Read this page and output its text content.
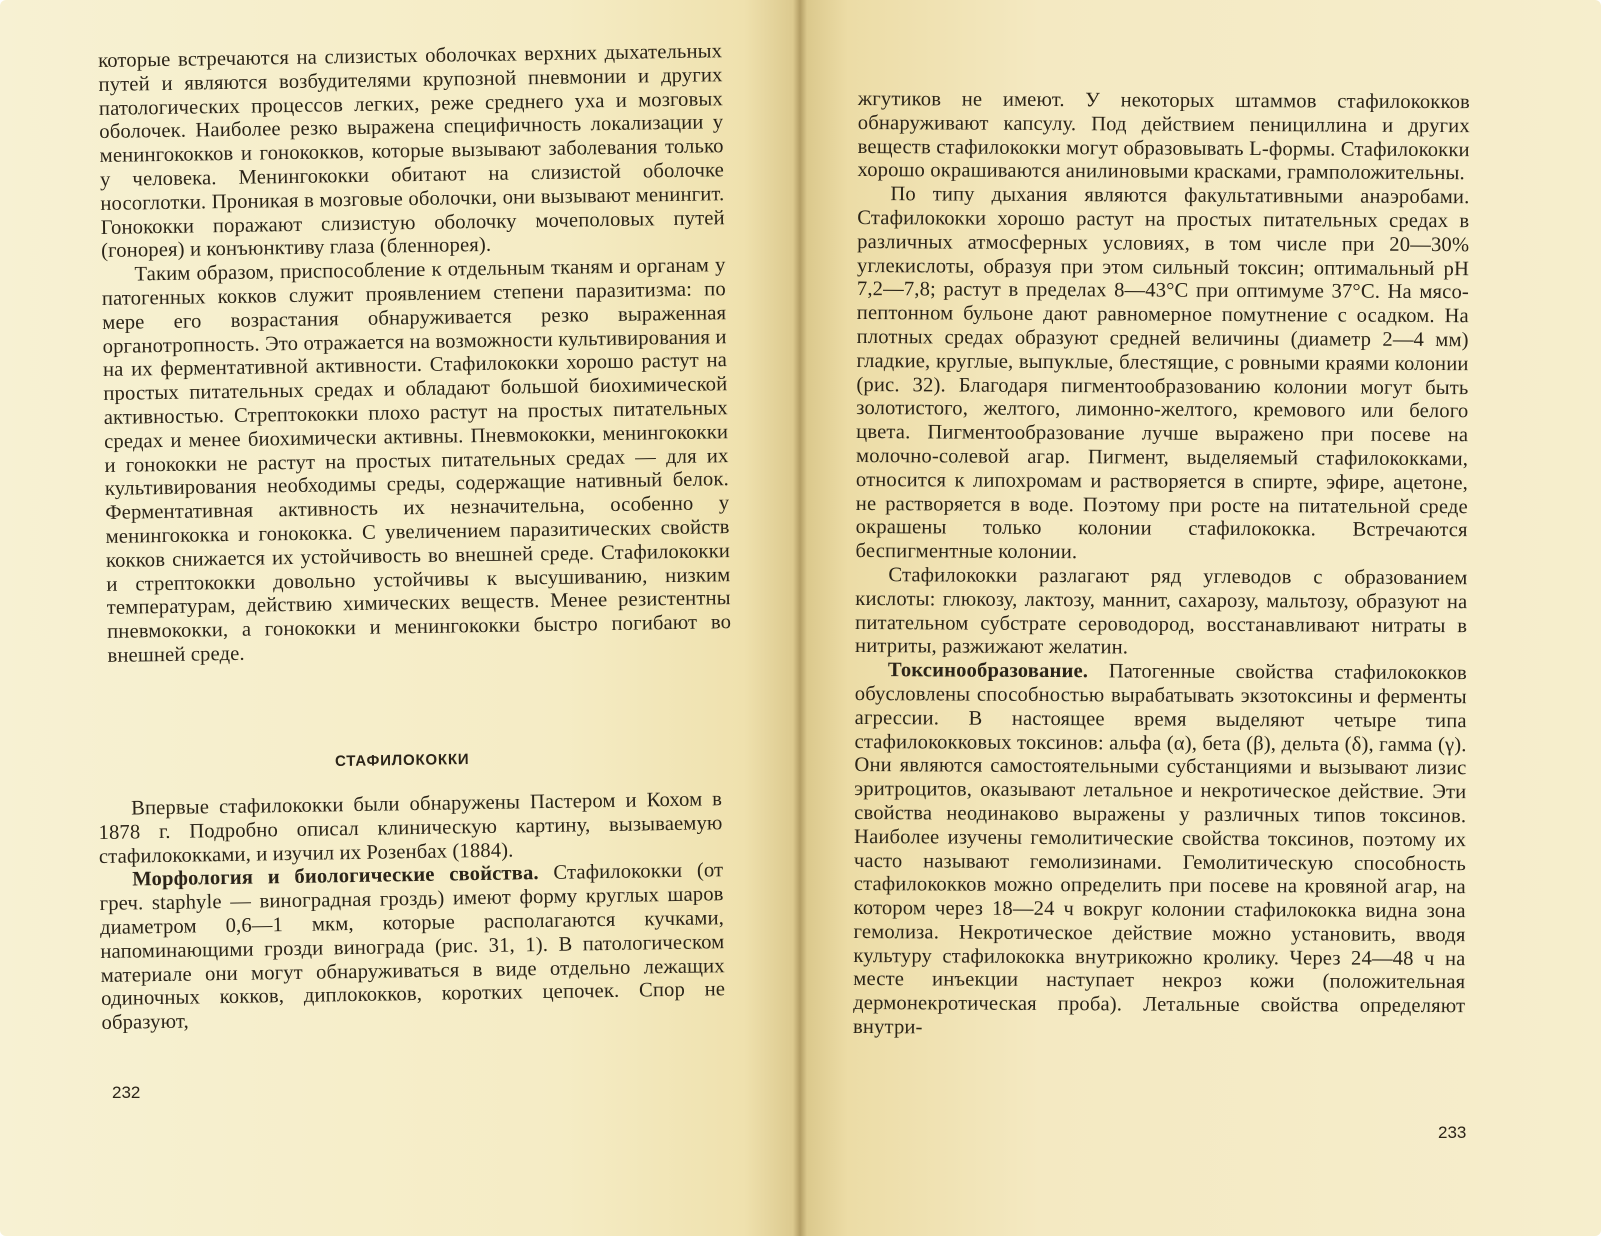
которые встречаются на слизистых оболочках верхних дыхательных путей и являются возбудителями крупозной пневмонии и других патологических процессов легких, реже среднего уха и мозговых оболочек. Наиболее резко выражена специфичность локализации у менингококков и гонококков, которые вызывают заболевания только у человека. Менингококки обитают на слизистой оболочке носоглотки. Проникая в мозговые оболочки, они вызывают менингит. Гонококки поражают слизистую оболочку мочеполовых путей (гонорея) и конъюнктиву глаза (бленнорея).

Таким образом, приспособление к отдельным тканям и органам у патогенных кокков служит проявлением степени паразитизма: по мере его возрастания обнаруживается резко выраженная органотропность. Это отражается на возможности культивирования и на их ферментативной активности. Стафилококки хорошо растут на простых питательных средах и обладают большой биохимической активностью. Стрептококки плохо растут на простых питательных средах и менее биохимически активны. Пневмококки, менингококки и гонококки не растут на простых питательных средах — для их культивирования необходимы среды, содержащие нативный белок. Ферментативная активность их незначительна, особенно у менингококка и гонококка. С увеличением паразитических свойств кокков снижается их устойчивость во внешней среде. Стафилококки и стрептококки довольно устойчивы к высушиванию, низким температурам, действию химических веществ. Менее резистентны пневмококки, а гонококки и менингококки быстро погибают во внешней среде.

СТАФИЛОКОККИ

Впервые стафилококки были обнаружены Пастером и Кохом в 1878 г. Подробно описал клиническую картину, вызываемую стафилококками, и изучил их Розенбах (1884).

Морфология и биологические свойства. Стафилококки (от греч. staphyle — виноградная гроздь) имеют форму круглых шаров диаметром 0,6—1 мкм, которые располагаются кучками, напоминающими грозди винограда (рис. 31, 1). В патологическом материале они могут обнаруживаться в виде отдельно лежащих одиночных кокков, диплококков, коротких цепочек. Спор не образуют,

232

жгутиков не имеют. У некоторых штаммов стафилококков обнаруживают капсулу. Под действием пенициллина и других веществ стафилококки могут образовывать L-формы. Стафилококки хорошо окрашиваются анилиновыми красками, грамположительны.

По типу дыхания являются факультативными анаэробами. Стафилококки хорошо растут на простых питательных средах в различных атмосферных условиях, в том числе при 20—30% углекислоты, образуя при этом сильный токсин; оптимальный pH 7,2—7,8; растут в пределах 8—43°С при оптимуме 37°С. На мясо-пептонном бульоне дают равномерное помутнение с осадком. На плотных средах образуют средней величины (диаметр 2—4 мм) гладкие, круглые, выпуклые, блестящие, с ровными краями колонии (рис. 32). Благодаря пигментообразованию колонии могут быть золотистого, желтого, лимонно-желтого, кремового или белого цвета. Пигментообразование лучше выражено при посеве на молочно-солевой агар. Пигмент, выделяемый стафилококками, относится к липохромам и растворяется в спирте, эфире, ацетоне, не растворяется в воде. Поэтому при росте на питательной среде окрашены только колонии стафилококка. Встречаются беспигментные колонии.

Стафилококки разлагают ряд углеводов с образованием кислоты: глюкозу, лактозу, маннит, сахарозу, мальтозу, образуют на питательном субстрате сероводород, восстанавливают нитраты в нитриты, разжижают желатин.

Токсинообразование. Патогенные свойства стафилококков обусловлены способностью вырабатывать экзотоксины и ферменты агрессии. В настоящее время выделяют четыре типа стафилококковых токсинов: альфа (α), бета (β), дельта (δ), гамма (γ). Они являются самостоятельными субстанциями и вызывают лизис эритроцитов, оказывают летальное и некротическое действие. Эти свойства неодинаково выражены у различных типов токсинов. Наиболее изучены гемолитические свойства токсинов, поэтому их часто называют гемолизинами. Гемолитическую способность стафилококков можно определить при посеве на кровяной агар, на котором через 18—24 ч вокруг колонии стафилококка видна зона гемолиза. Некротическое действие можно установить, вводя культуру стафилококка внутрикожно кролику. Через 24—48 ч на месте инъекции наступает некроз кожи (положительная дермонекротическая проба). Летальные свойства определяют внутри-

233
